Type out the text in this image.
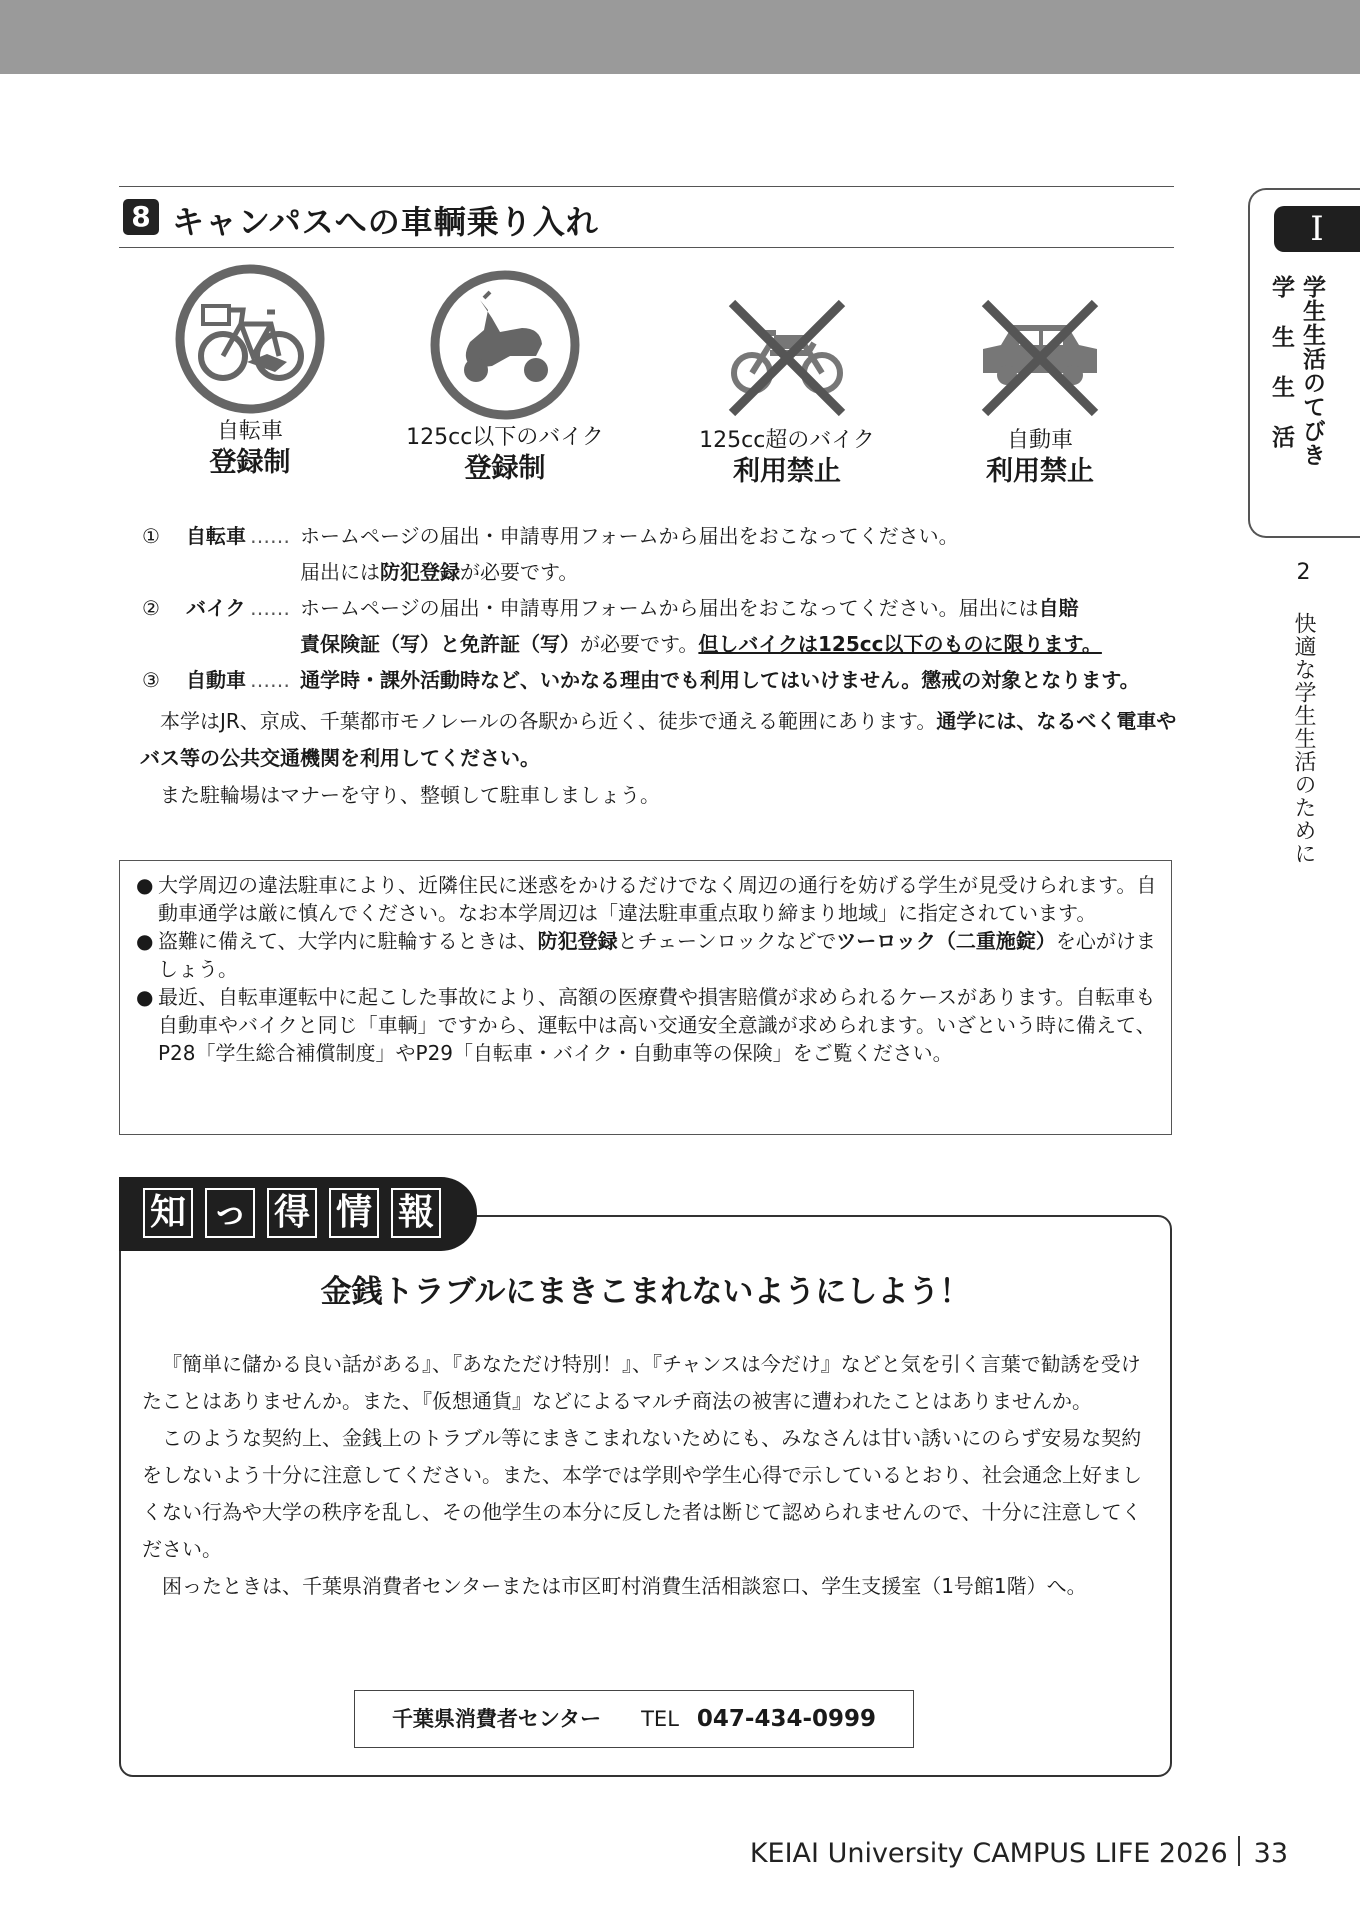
8 キャンパスへの車輌乗り入れ
自転車
登録制
125cc以下のバイク
登録制
125cc超のバイク
利用禁止
自動車
利用禁止
① 自転車 …… ホームページの届出・申請専用フォームから届出をおこなってください。
届出には防犯登録が必要です。
② バイク …… ホームページの届出・申請専用フォームから届出をおこなってください。届出には自賠
責保険証（写）と免許証（写）が必要です。但しバイクは125cc以下のものに限ります。
③ 自動車 …… 通学時・課外活動時など、いかなる理由でも利用してはいけません。懲戒の対象となります。
本学はJR、京成、千葉都市モノレールの各駅から近く、徒歩で通える範囲にあります。通学には、なるべく電車やバス等の公共交通機関を利用してください。
また駐輪場はマナーを守り、整頓して駐車しましょう。
● 大学周辺の違法駐車により、近隣住民に迷惑をかけるだけでなく周辺の通行を妨げる学生が見受けられます。自動車通学は厳に慎んでください。なお本学周辺は「違法駐車重点取り締まり地域」に指定されています。
● 盗難に備えて、大学内に駐輪するときは、防犯登録とチェーンロックなどでツーロック（二重施錠）を心がけましょう。
● 最近、自転車運転中に起こした事故により、高額の医療費や損害賠償が求められるケースがあります。自転車も自動車やバイクと同じ「車輌」ですから、運転中は高い交通安全意識が求められます。いざという時に備えて、P28「学生総合補償制度」やP29「自転車・バイク・自動車等の保険」をご覧ください。
知 っ 得 情 報
金銭トラブルにまきこまれないようにしよう！

『簡単に儲かる良い話がある』、『あなただけ特別！』、『チャンスは今だけ』などと気を引く言葉で勧誘を受けたことはありませんか。また、『仮想通貨』などによるマルチ商法の被害に遭われたことはありませんか。

このような契約上、金銭上のトラブル等にまきこまれないためにも、みなさんは甘い誘いにのらず安易な契約をしないよう十分に注意してください。また、本学では学則や学生心得で示しているとおり、社会通念上好ましくない行為や大学の秩序を乱し、その他学生の本分に反した者は断じて認められませんので、十分に注意してください。

困ったときは、千葉県消費者センターまたは市区町村消費生活相談窓口、学生支援室（1号館1階）へ。

千葉県消費者センター TEL 047-434-0999
I
学生生活のてびき
学生生活
2 快適な学生生活のために
KEIAI University CAMPUS LIFE 2026 33
